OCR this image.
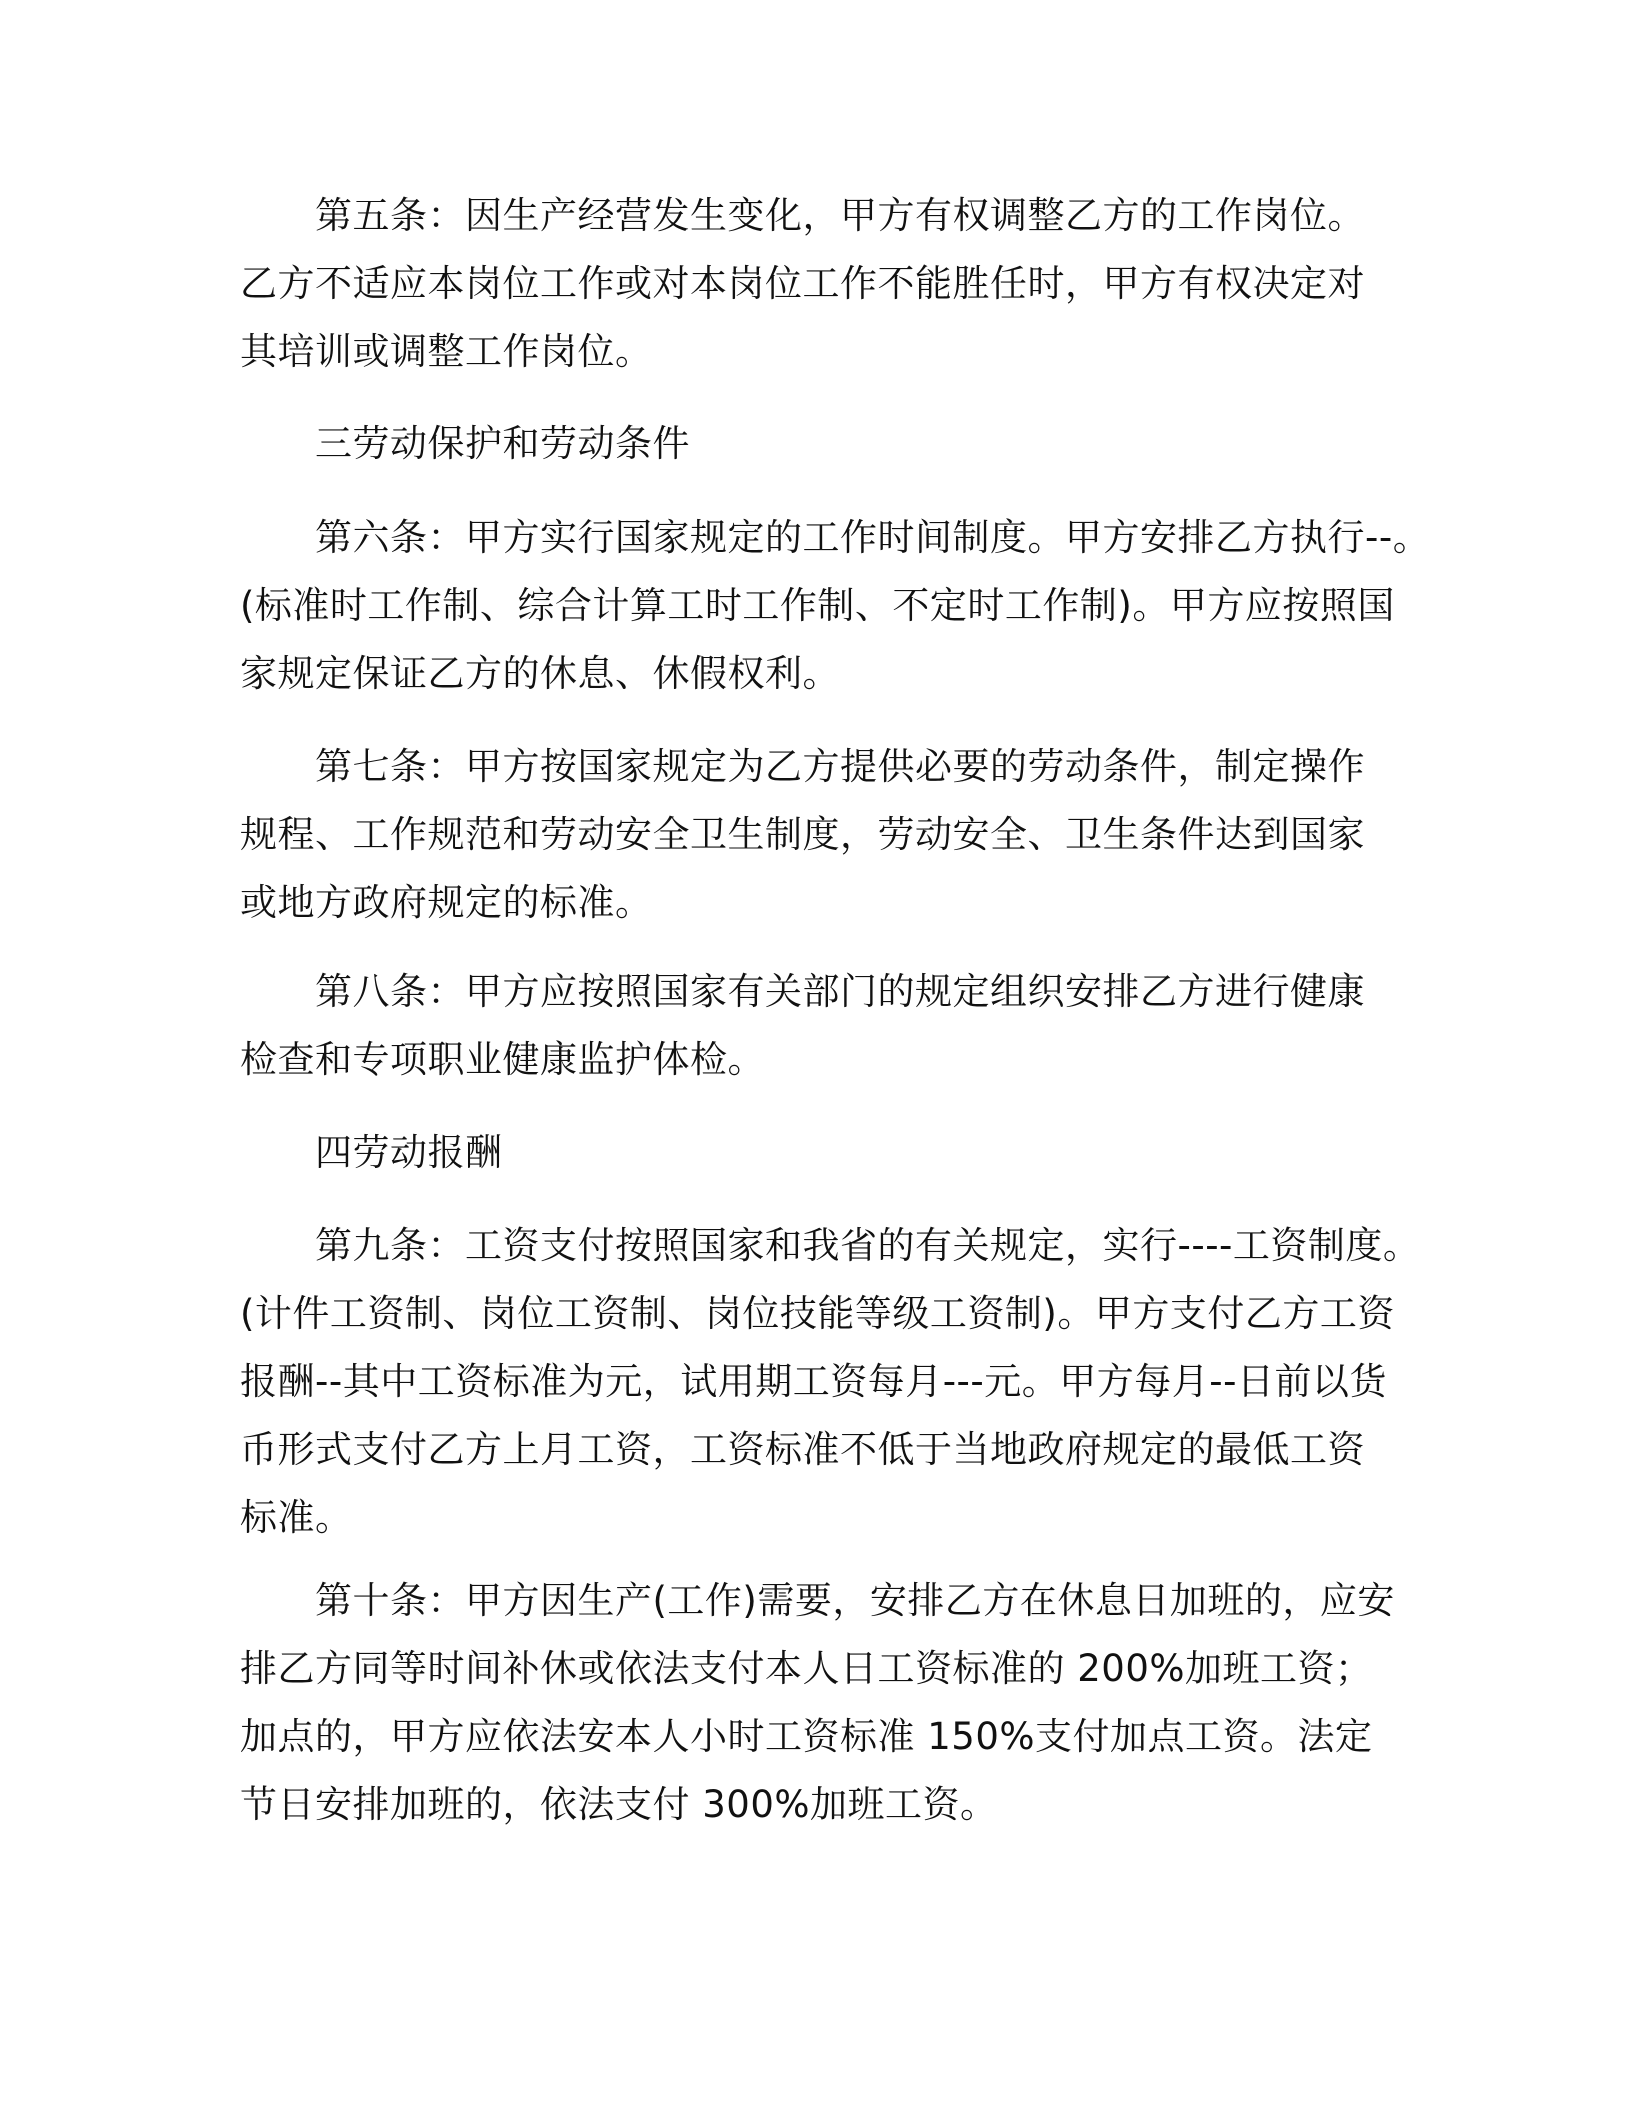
第五条：因生产经营发生变化，甲方有权调整乙方的工作岗位。
乙方不适应本岗位工作或对本岗位工作不能胜任时，甲方有权决定对
其培训或调整工作岗位。
三劳动保护和劳动条件
第六条：甲方实行国家规定的工作时间制度。甲方安排乙方执行--。
(标准时工作制、综合计算工时工作制、不定时工作制)。甲方应按照国
家规定保证乙方的休息、休假权利。
第七条：甲方按国家规定为乙方提供必要的劳动条件，制定操作
规程、工作规范和劳动安全卫生制度，劳动安全、卫生条件达到国家
或地方政府规定的标准。
第八条：甲方应按照国家有关部门的规定组织安排乙方进行健康
检查和专项职业健康监护体检。
四劳动报酬
第九条：工资支付按照国家和我省的有关规定，实行----工资制度。
(计件工资制、岗位工资制、岗位技能等级工资制)。甲方支付乙方工资
报酬--其中工资标准为元，试用期工资每月---元。甲方每月--日前以货
币形式支付乙方上月工资，工资标准不低于当地政府规定的最低工资
标准。
第十条：甲方因生产(工作)需要，安排乙方在休息日加班的，应安
排乙方同等时间补休或依法支付本人日工资标准的 200%加班工资；
加点的，甲方应依法安本人小时工资标准 150%支付加点工资。法定
节日安排加班的，依法支付 300%加班工资。
